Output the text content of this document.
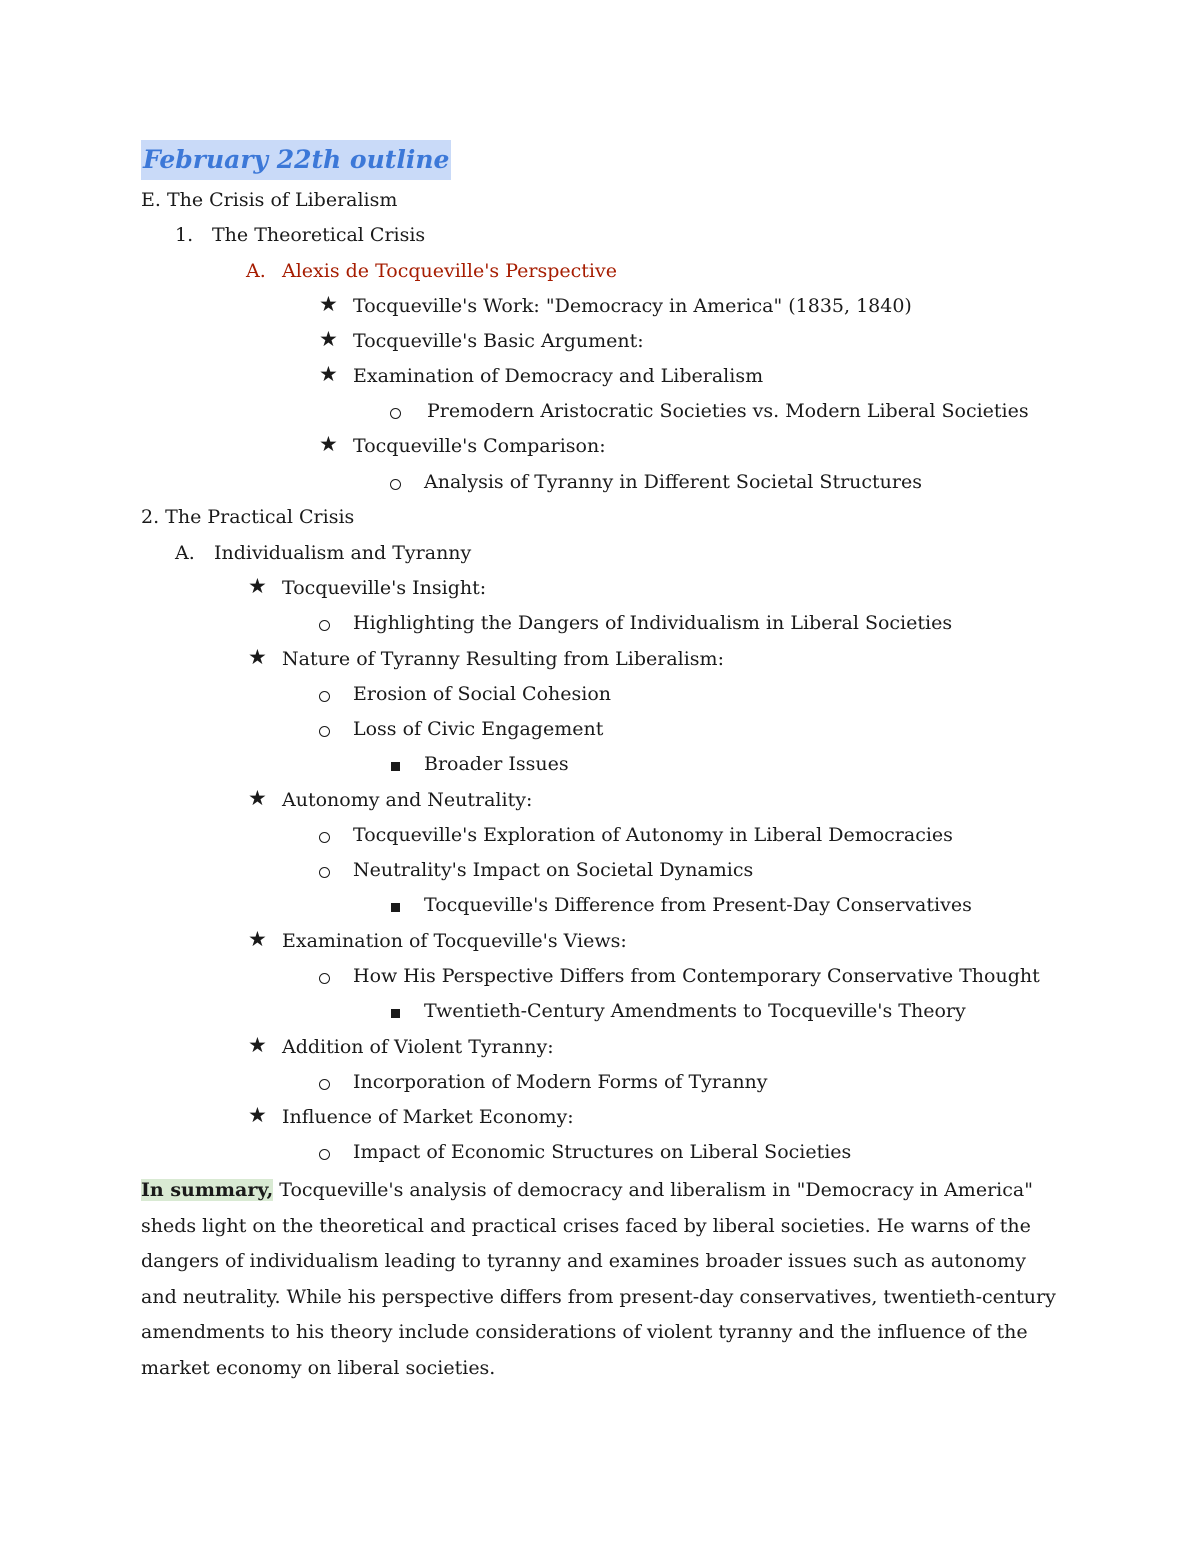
February 22th outline
E. The Crisis of Liberalism
1. The Theoretical Crisis
A. Alexis de Tocqueville's Perspective
★ Tocqueville's Work: "Democracy in America" (1835, 1840)
★ Tocqueville's Basic Argument:
★ Examination of Democracy and Liberalism
Premodern Aristocratic Societies vs. Modern Liberal Societies
★ Tocqueville's Comparison:
Analysis of Tyranny in Different Societal Structures
2. The Practical Crisis
A. Individualism and Tyranny
★ Tocqueville's Insight:
Highlighting the Dangers of Individualism in Liberal Societies
★ Nature of Tyranny Resulting from Liberalism:
Erosion of Social Cohesion
Loss of Civic Engagement
Broader Issues
★ Autonomy and Neutrality:
Tocqueville's Exploration of Autonomy in Liberal Democracies
Neutrality's Impact on Societal Dynamics
Tocqueville's Difference from Present-Day Conservatives
★ Examination of Tocqueville's Views:
How His Perspective Differs from Contemporary Conservative Thought
Twentieth-Century Amendments to Tocqueville's Theory
★ Addition of Violent Tyranny:
Incorporation of Modern Forms of Tyranny
★ Influence of Market Economy:
Impact of Economic Structures on Liberal Societies
In summary, Tocqueville's analysis of democracy and liberalism in "Democracy in America" sheds light on the theoretical and practical crises faced by liberal societies. He warns of the dangers of individualism leading to tyranny and examines broader issues such as autonomy and neutrality. While his perspective differs from present-day conservatives, twentieth-century amendments to his theory include considerations of violent tyranny and the influence of the market economy on liberal societies.
